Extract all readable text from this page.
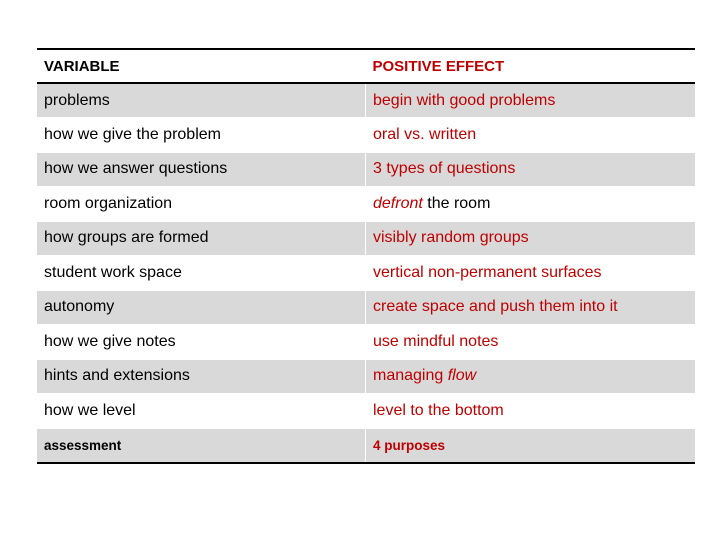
VARIABLE	POSITIVE EFFECT
problems	begin with good problems
how we give the problem	oral vs. written
how we answer questions	3 types of questions
room organization	defront the room
how groups are formed	visibly random groups
student work space	vertical non-permanent surfaces
autonomy	create space and push them into it
how we give notes	use mindful notes
hints and extensions	managing flow
how we level	level to the bottom
assessment	4 purposes
